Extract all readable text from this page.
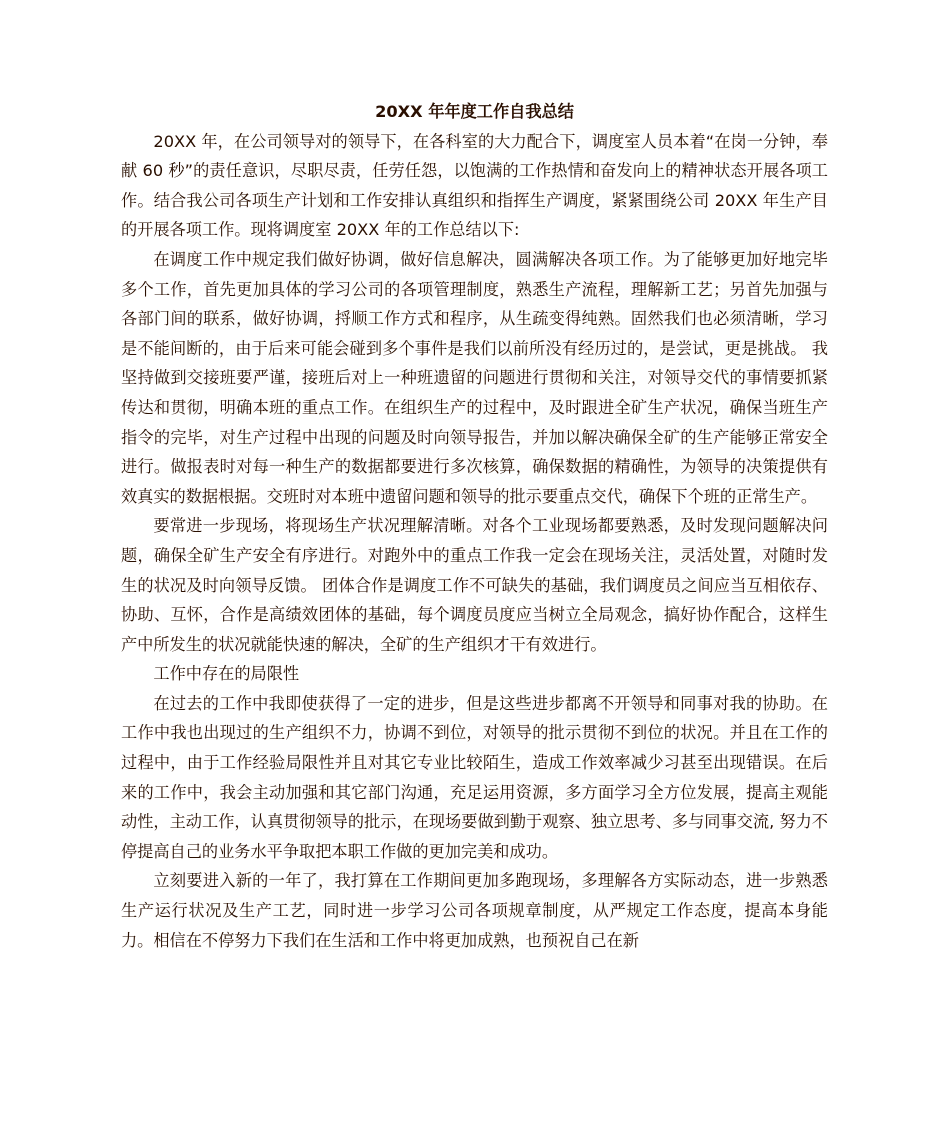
20XX 年年度工作自我总结

20XX 年，在公司领导对的领导下，在各科室的大力配合下，调度室人员本着“在岗一分钟，奉献 60 秒”的责任意识，尽职尽责，任劳任怨，以饱满的工作热情和奋发向上的精神状态开展各项工作。结合我公司各项生产计划和工作安排认真组织和指挥生产调度，紧紧围绕公司 20XX 年生产目的开展各项工作。现将调度室 20XX 年的工作总结以下:

在调度工作中规定我们做好协调，做好信息解决，圆满解决各项工作。为了能够更加好地完毕多个工作，首先更加具体的学习公司的各项管理制度，熟悉生产流程，理解新工艺；另首先加强与各部门间的联系，做好协调，捋顺工作方式和程序，从生疏变得纯熟。固然我们也必须清晰，学习是不能间断的，由于后来可能会碰到多个事件是我们以前所没有经历过的，是尝试，更是挑战。 我坚持做到交接班要严谨，接班后对上一种班遗留的问题进行贯彻和关注，对领导交代的事情要抓紧传达和贯彻，明确本班的重点工作。在组织生产的过程中，及时跟进全矿生产状况，确保当班生产指令的完毕，对生产过程中出现的问题及时向领导报告，并加以解决确保全矿的生产能够正常安全进行。做报表时对每一种生产的数据都要进行多次核算，确保数据的精确性，为领导的决策提供有效真实的数据根据。交班时对本班中遗留问题和领导的批示要重点交代，确保下个班的正常生产。

要常进一步现场，将现场生产状况理解清晰。对各个工业现场都要熟悉，及时发现问题解决问题，确保全矿生产安全有序进行。对跑外中的重点工作我一定会在现场关注，灵活处置，对随时发生的状况及时向领导反馈。 团体合作是调度工作不可缺失的基础，我们调度员之间应当互相依存、协助、互怀，合作是高绩效团体的基础，每个调度员度应当树立全局观念，搞好协作配合，这样生产中所发生的状况就能快速的解决，全矿的生产组织才干有效进行。

工作中存在的局限性

在过去的工作中我即使获得了一定的进步，但是这些进步都离不开领导和同事对我的协助。在工作中我也出现过的生产组织不力，协调不到位，对领导的批示贯彻不到位的状况。并且在工作的过程中，由于工作经验局限性并且对其它专业比较陌生，造成工作效率减少习甚至出现错误。在后来的工作中，我会主动加强和其它部门沟通，充足运用资源，多方面学习全方位发展，提高主观能动性，主动工作，认真贯彻领导的批示，在现场要做到勤于观察、独立思考、多与同事交流, 努力不停提高自己的业务水平争取把本职工作做的更加完美和成功。

立刻要进入新的一年了，我打算在工作期间更加多跑现场，多理解各方实际动态，进一步熟悉生产运行状况及生产工艺，同时进一步学习公司各项规章制度，从严规定工作态度，提高本身能力。相信在不停努力下我们在生活和工作中将更加成熟，也预祝自己在新
